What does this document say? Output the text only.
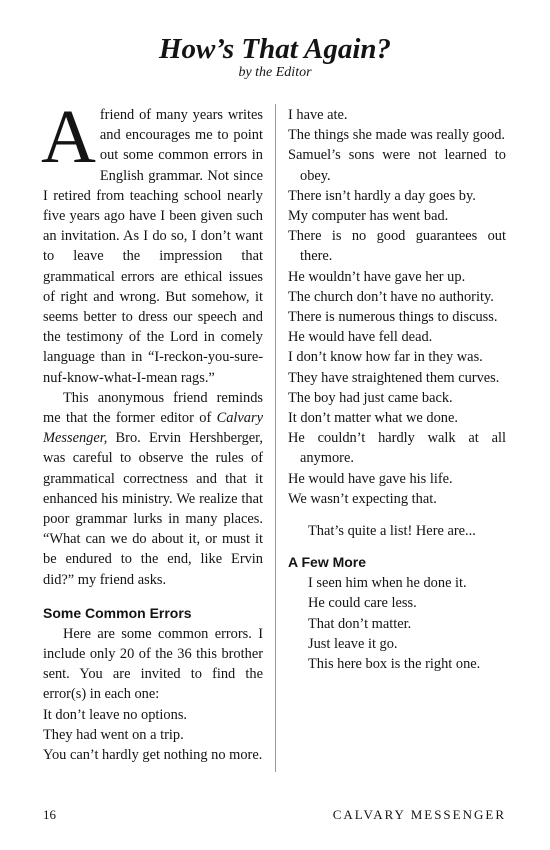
How’s That Again?
by the Editor

Afriend of many years writes and encourages me to point out some common errors in English grammar. Not since I retired from teaching school nearly five years ago have I been given such an invitation. As I do so, I don’t want to leave the impression that grammatical errors are ethical issues of right and wrong. But somehow, it seems better to dress our speech and the testimony of the Lord in comely language than in “I-reckon-you-sure-nuf-know-what-I-mean rags.”

This anonymous friend reminds me that the former editor of Calvary Messenger, Bro. Ervin Hershberger, was careful to observe the rules of grammatical correctness and that it enhanced his ministry. We realize that poor grammar lurks in many places. “What can we do about it, or must it be endured to the end, like Ervin did?” my friend asks.

Some Common Errors

Here are some common errors. I include only 20 of the 36 this brother sent. You are invited to find the error(s) in each one:

It don’t leave no options.

They had went on a trip.

You can’t hardly get nothing no more.

I have ate.

The things she made was really good.

Samuel’s sons were not learned to obey.

There isn’t hardly a day goes by.

My computer has went bad.

There is no good guarantees out there.

He wouldn’t have gave her up.

The church don’t have no authority.

There is numerous things to discuss.

He would have fell dead.

I don’t know how far in they was.

They have straightened them curves.

The boy had just came back.

It don’t matter what we done.

He couldn’t hardly walk at all anymore.

He would have gave his life.

We wasn’t expecting that.

That’s quite a list! Here are...

A Few More

I seen him when he done it.

He could care less.

That don’t matter.

Just leave it go.

This here box is the right one.

16	CALVARY MESSENGER
